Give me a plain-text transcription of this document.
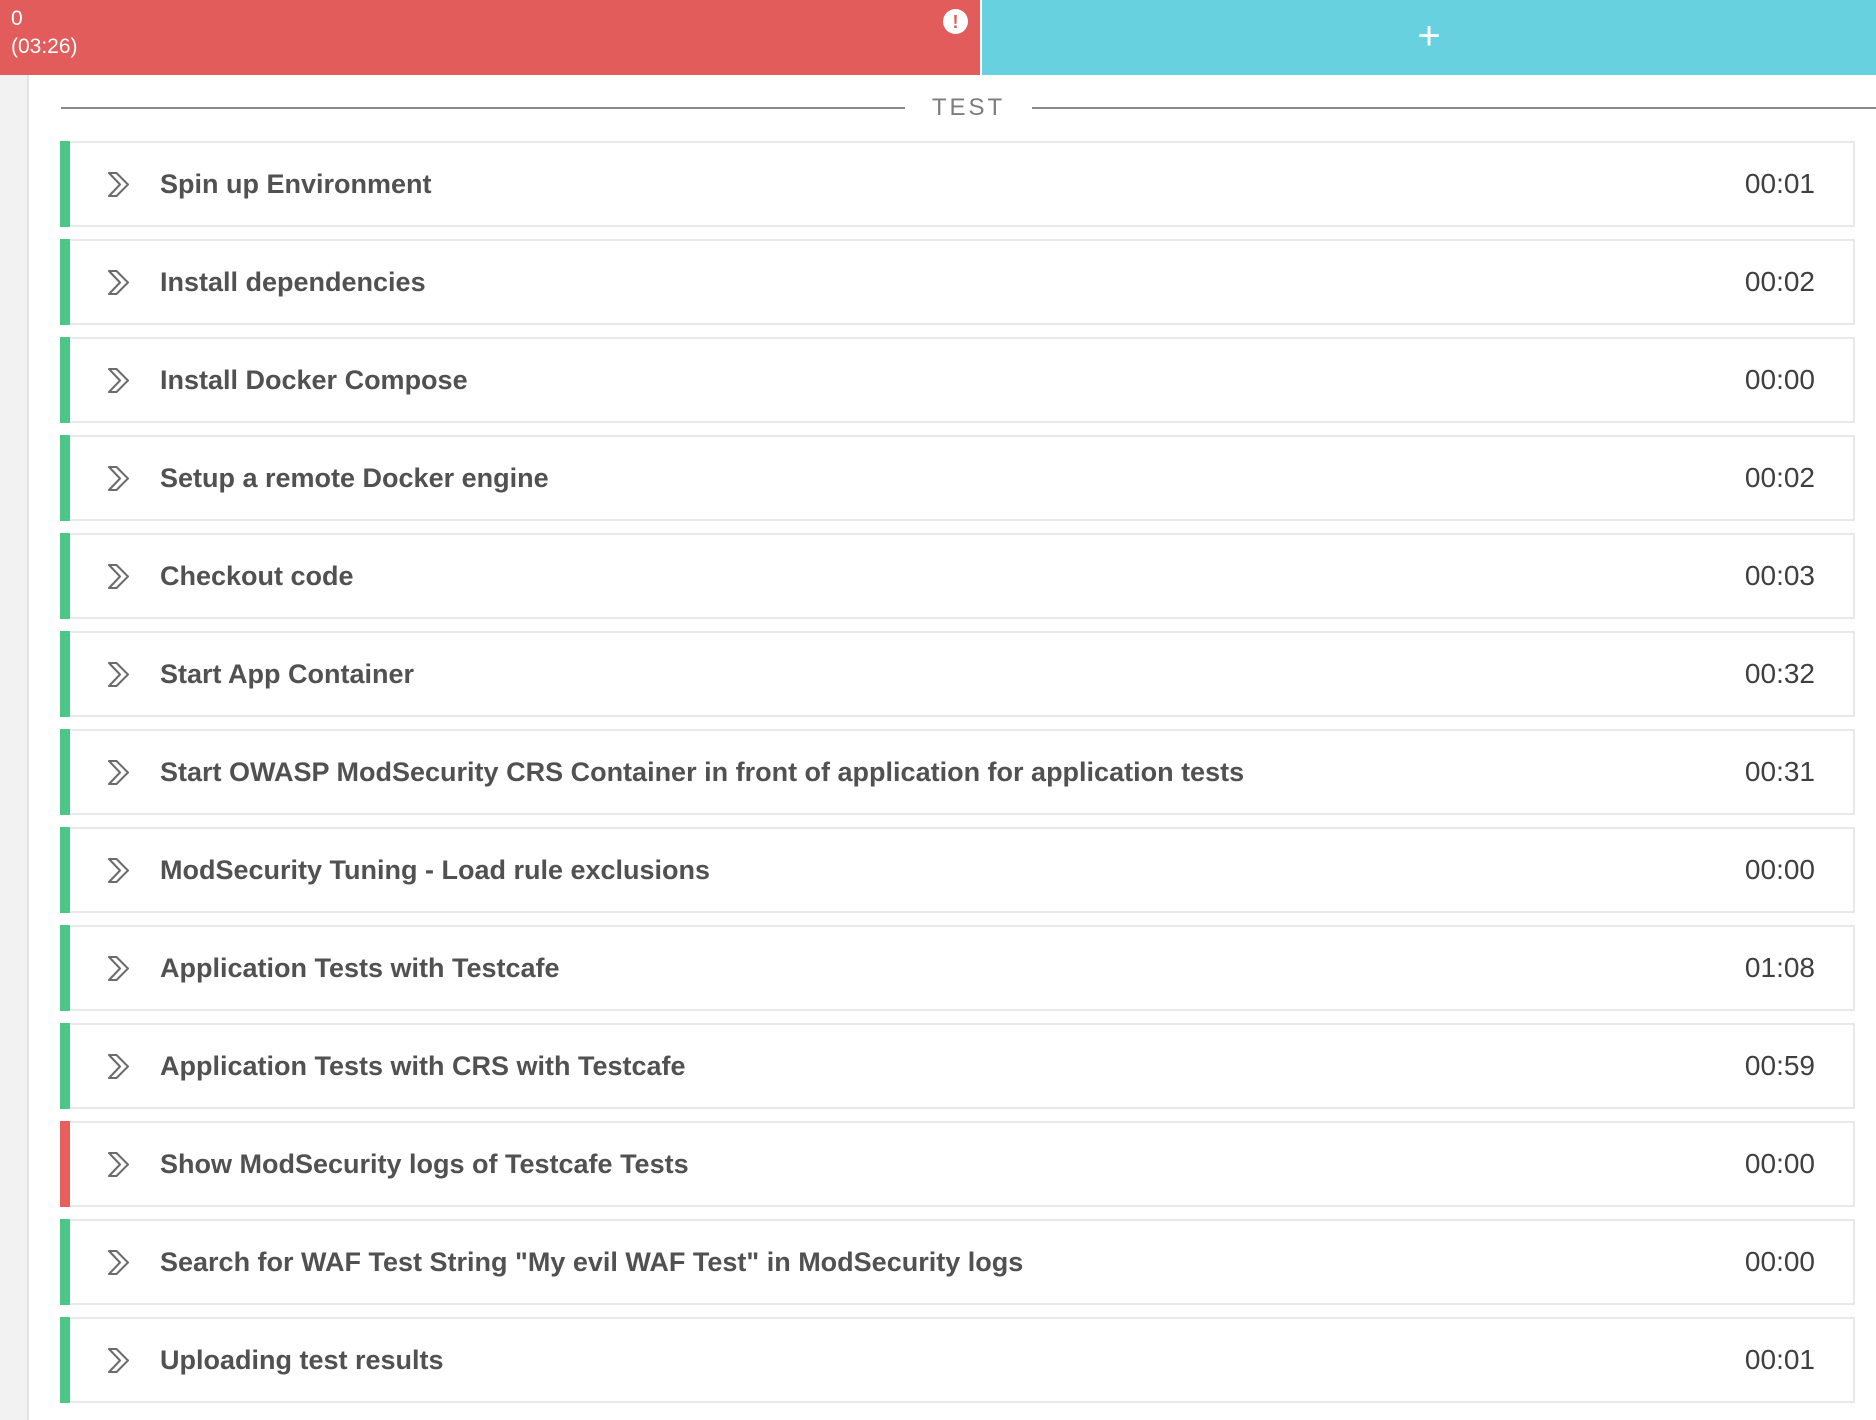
0
(03:26)
!	+
TEST
Spin up Environment	00:01
Install dependencies	00:02
Install Docker Compose	00:00
Setup a remote Docker engine	00:02
Checkout code	00:03
Start App Container	00:32
Start OWASP ModSecurity CRS Container in front of application for application tests	00:31
ModSecurity Tuning - Load rule exclusions	00:00
Application Tests with Testcafe	01:08
Application Tests with CRS with Testcafe	00:59
Show ModSecurity logs of Testcafe Tests	00:00
Search for WAF Test String "My evil WAF Test" in ModSecurity logs	00:00
Uploading test results	00:01
